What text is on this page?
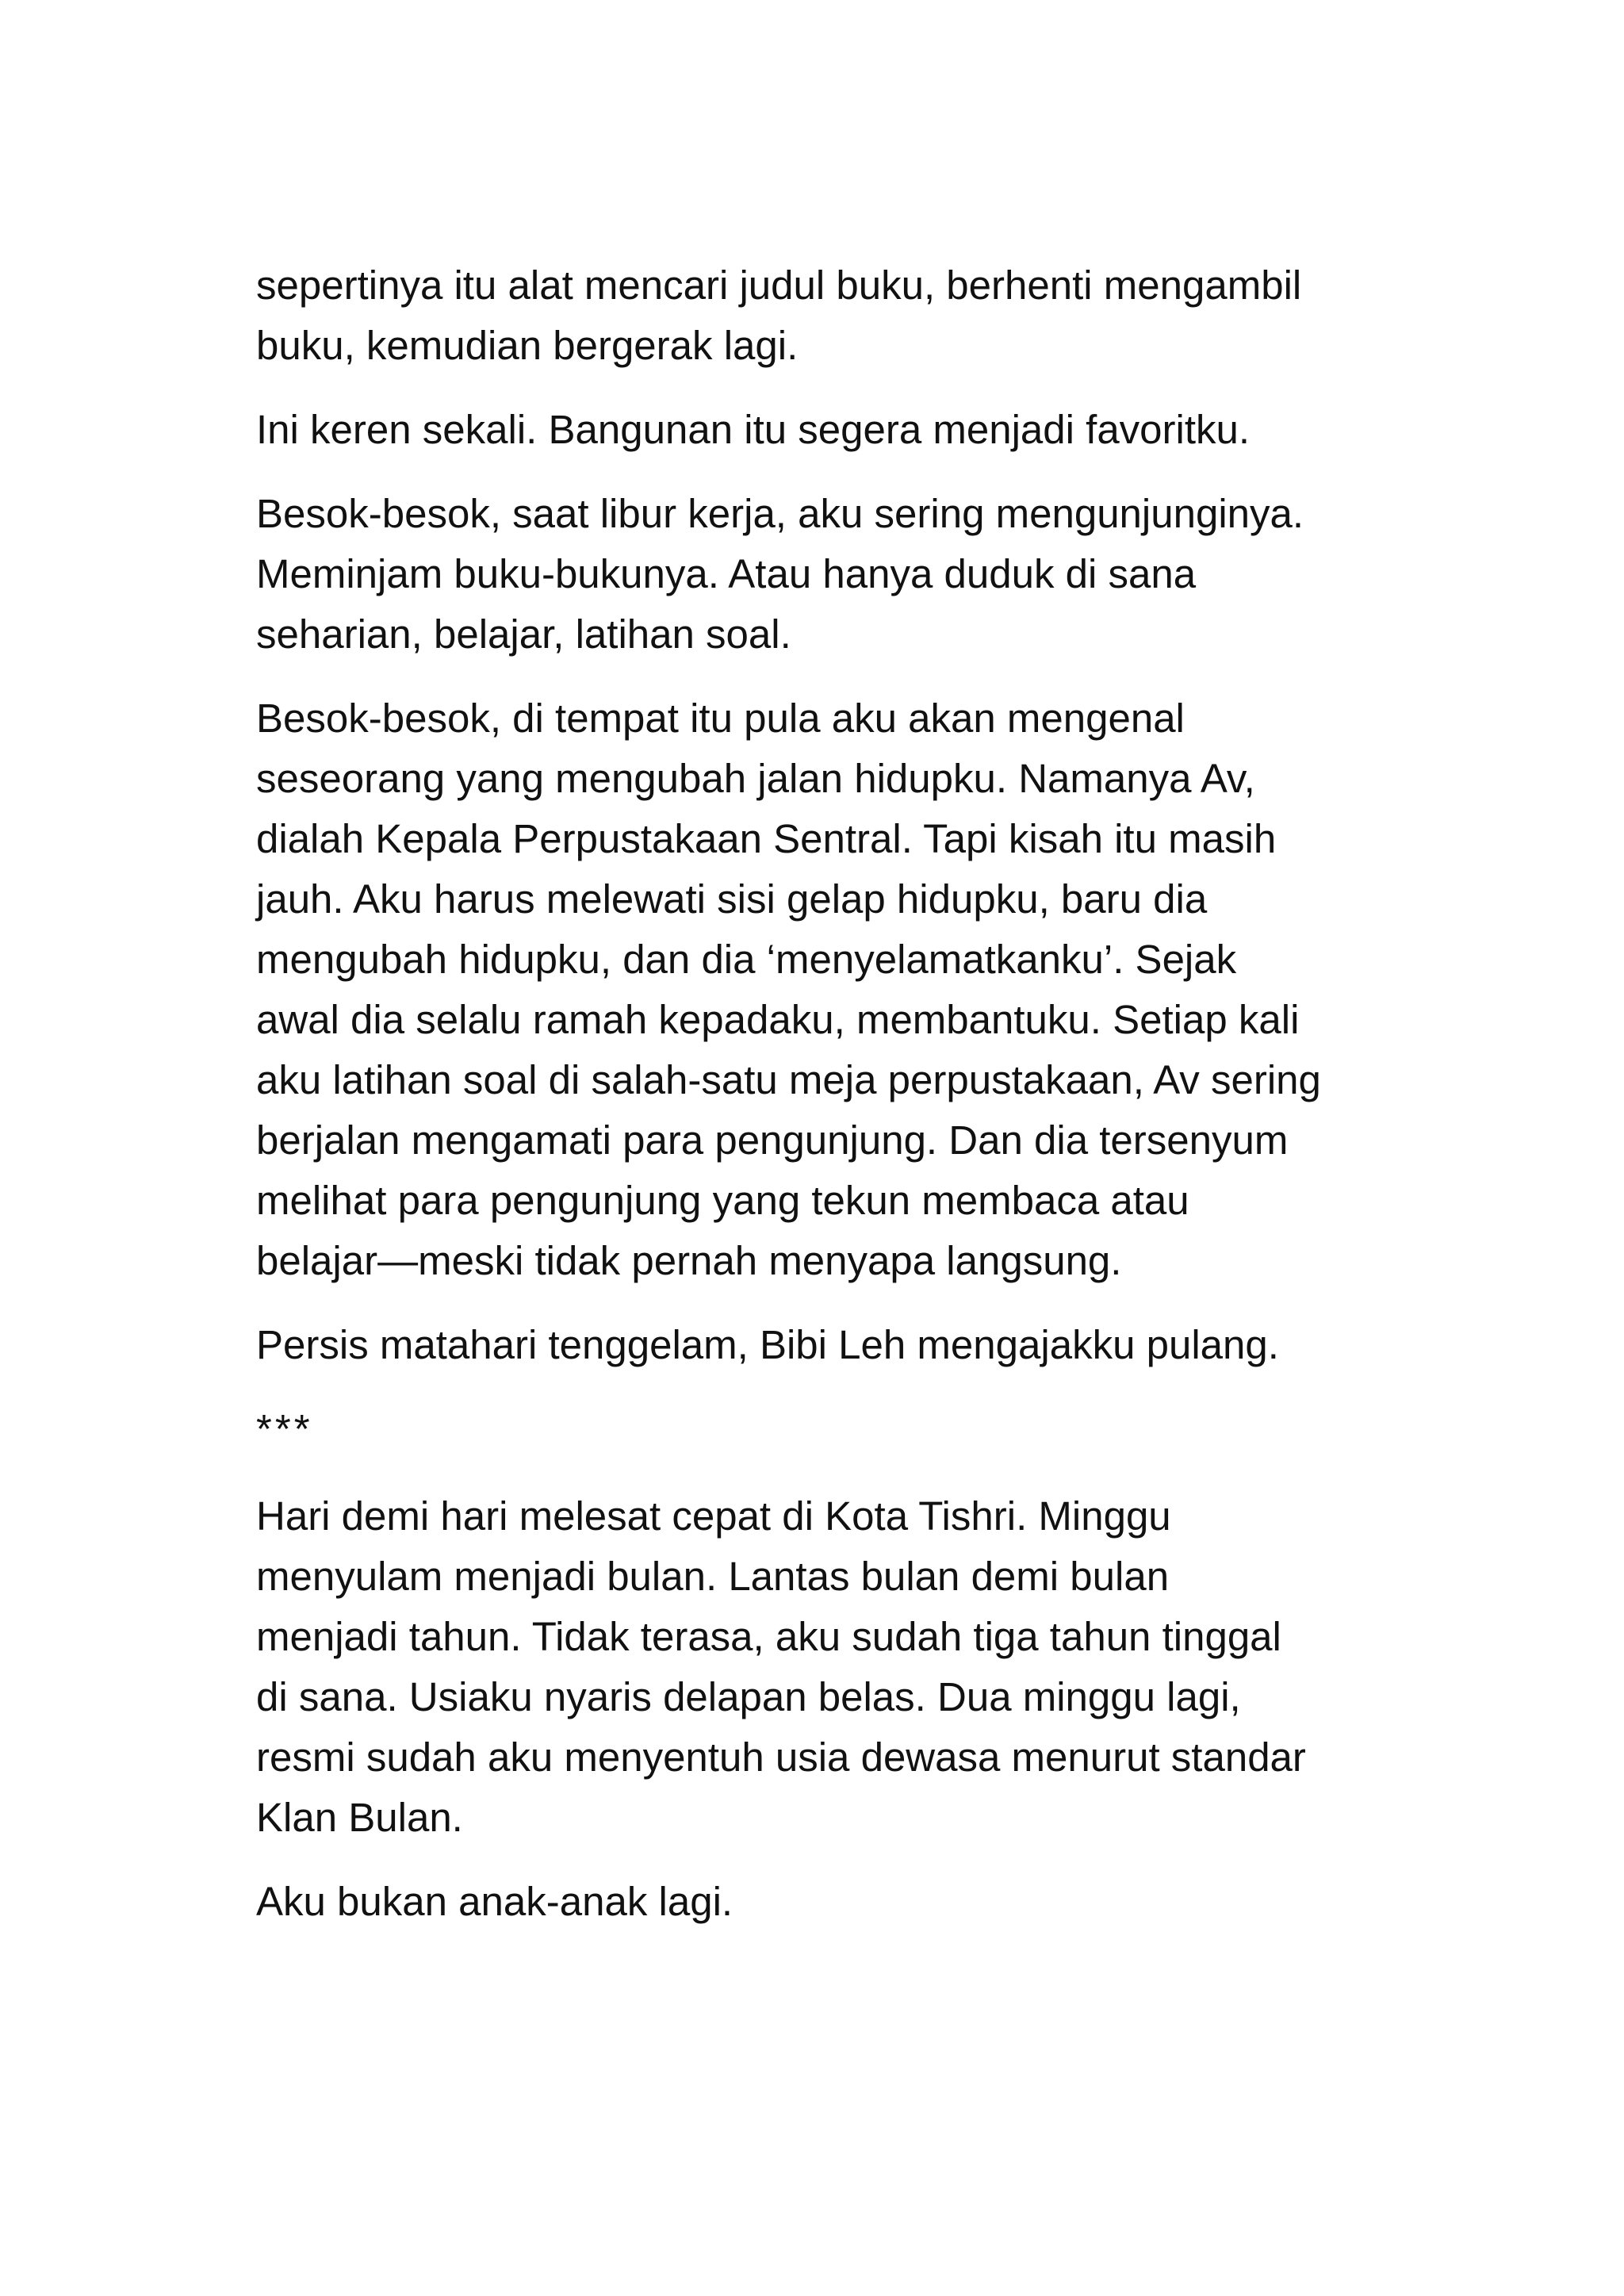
sepertinya itu alat mencari judul buku, berhenti mengambil
buku, kemudian bergerak lagi.

Ini keren sekali. Bangunan itu segera menjadi favoritku.

Besok-besok, saat libur kerja, aku sering mengunjunginya.
Meminjam buku-bukunya. Atau hanya duduk di sana
seharian, belajar, latihan soal.

Besok-besok, di tempat itu pula aku akan mengenal
seseorang yang mengubah jalan hidupku. Namanya Av,
dialah Kepala Perpustakaan Sentral. Tapi kisah itu masih
jauh. Aku harus melewati sisi gelap hidupku, baru dia
mengubah hidupku, dan dia ‘menyelamatkanku’. Sejak
awal dia selalu ramah kepadaku, membantuku. Setiap kali
aku latihan soal di salah-satu meja perpustakaan, Av sering
berjalan mengamati para pengunjung. Dan dia tersenyum
melihat para pengunjung yang tekun membaca atau
belajar—meski tidak pernah menyapa langsung.

Persis matahari tenggelam, Bibi Leh mengajakku pulang.

***

Hari demi hari melesat cepat di Kota Tishri. Minggu
menyulam menjadi bulan. Lantas bulan demi bulan
menjadi tahun. Tidak terasa, aku sudah tiga tahun tinggal
di sana. Usiaku nyaris delapan belas. Dua minggu lagi,
resmi sudah aku menyentuh usia dewasa menurut standar
Klan Bulan.

Aku bukan anak-anak lagi.
